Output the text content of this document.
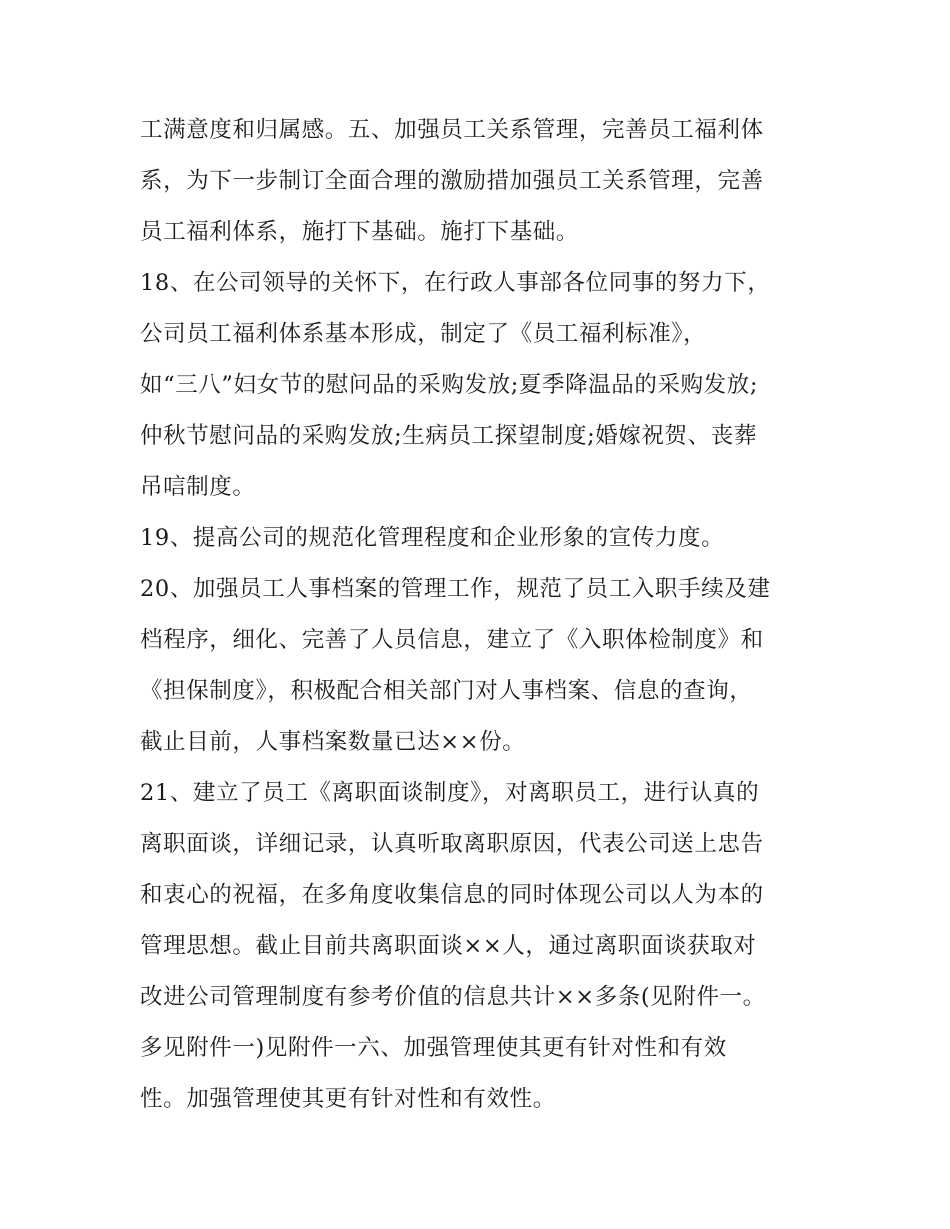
工满意度和归属感。五、加强员工关系管理，完善员工福利体
系，为下一步制订全面合理的激励措加强员工关系管理，完善
员工福利体系，施打下基础。施打下基础。
18、在公司领导的关怀下，在行政人事部各位同事的努力下，
公司员工福利体系基本形成，制定了《员工福利标准》，
如“三八”妇女节的慰问品的采购发放;夏季降温品的采购发放;
仲秋节慰问品的采购发放;生病员工探望制度;婚嫁祝贺、丧葬
吊唁制度。
19、提高公司的规范化管理程度和企业形象的宣传力度。
20、加强员工人事档案的管理工作，规范了员工入职手续及建
档程序，细化、完善了人员信息，建立了《入职体检制度》和
《担保制度》，积极配合相关部门对人事档案、信息的查询，
截止目前，人事档案数量已达××份。
21、建立了员工《离职面谈制度》，对离职员工，进行认真的
离职面谈，详细记录，认真听取离职原因，代表公司送上忠告
和衷心的祝福，在多角度收集信息的同时体现公司以人为本的
管理思想。截止目前共离职面谈××人，通过离职面谈获取对
改进公司管理制度有参考价值的信息共计××多条(见附件一。
多见附件一)见附件一六、加强管理使其更有针对性和有效
性。加强管理使其更有针对性和有效性。
